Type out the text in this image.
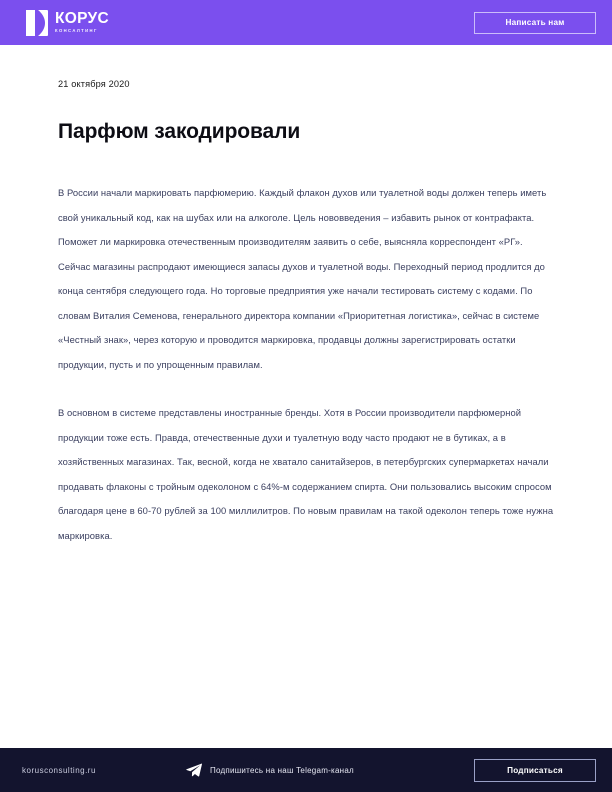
КОРУС
КОНСАЛТИНГ
Написать нам
21 октября 2020
Парфюм закодировали

В России начали маркировать парфюмерию. Каждый флакон духов или туалетной воды должен теперь иметь свой уникальный код, как на шубах или на алкоголе. Цель нововведения – избавить рынок от контрафакта. Поможет ли маркировка отечественным производителям заявить о себе, выясняла корреспондент «РГ».

Сейчас магазины распродают имеющиеся запасы духов и туалетной воды. Переходный период продлится до конца сентября следующего года. Но торговые предприятия уже начали тестировать систему с кодами. По словам Виталия Семенова, генерального директора компании «Приоритетная логистика», сейчас в системе «Честный знак», через которую и проводится маркировка, продавцы должны зарегистрировать остатки продукции, пусть и по упрощенным правилам.

В основном в системе представлены иностранные бренды. Хотя в России производители парфюмерной продукции тоже есть. Правда, отечественные духи и туалетную воду часто продают не в бутиках, а в хозяйственных магазинах. Так, весной, когда не хватало санитайзеров, в петербургских супермаркетах начали продавать флаконы с тройным одеколоном с 64%-м содержанием спирта. Они пользовались высоким спросом благодаря цене в 60-70 рублей за 100 миллилитров. По новым правилам на такой одеколон теперь тоже нужна маркировка.

korusconsulting.ru	Подпишитесь на наш Telegam-канал	Подписаться
